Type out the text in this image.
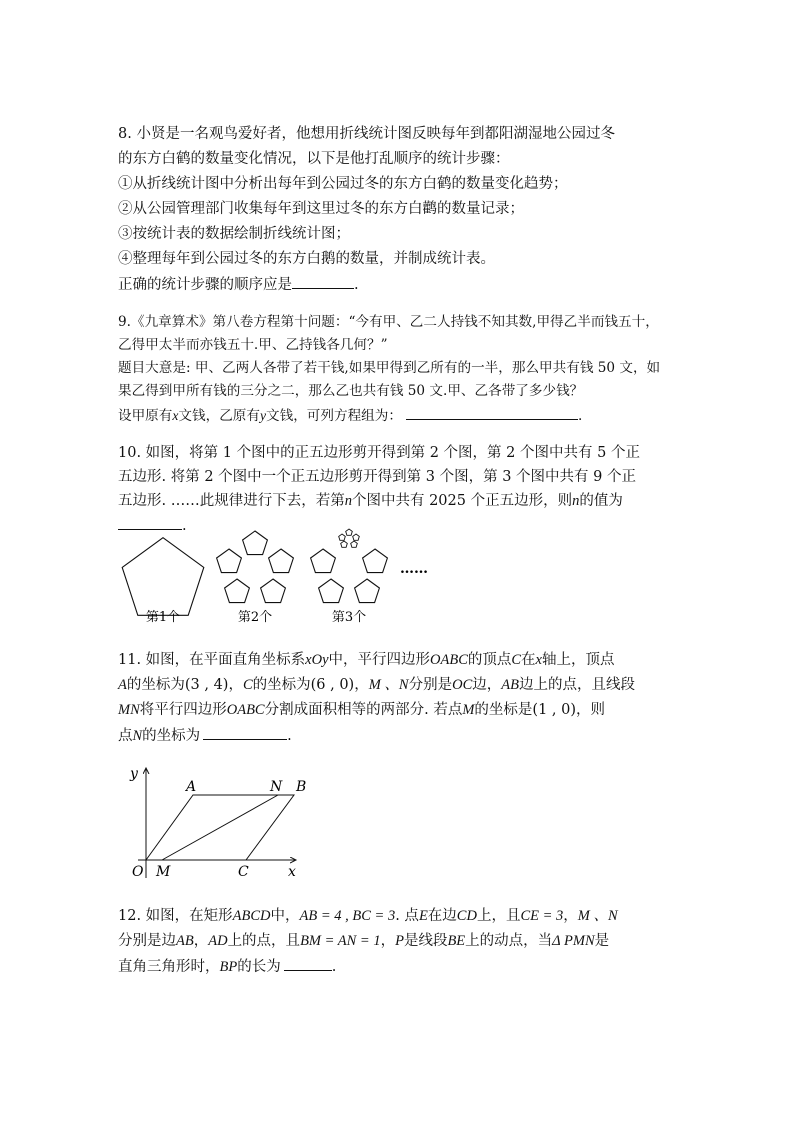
8. 小贤是一名观鸟爱好者，他想用折线统计图反映每年到都阳湖湿地公园过冬
的东方白鹤的数量变化情况，以下是他打乱顺序的统计步骤：
①从折线统计图中分析出每年到公园过冬的东方白鹤的数量变化趋势；
②从公园管理部门收集每年到这里过冬的东方白鹳的数量记录；
③按统计表的数据绘制折线统计图；
④整理每年到公园过冬的东方白鹅的数量，并制成统计表。
正确的统计步骤的顺序应是	.
9.《九章算术》第八卷方程第十问题：“今有甲、乙二人持钱不知其数,甲得乙半而钱五十，
乙得甲太半而亦钱五十.甲、乙持钱各几何？”
题目大意是: 甲、乙两人各带了若干钱,如果甲得到乙所有的一半，那么甲共有钱 50 文，如
果乙得到甲所有钱的三分之二，那么乙也共有钱 50 文.甲、乙各带了多少钱？
设甲原有x文钱，乙原有y文钱，可列方程组为：	.
10. 如图，将第 1 个图中的正五边形剪开得到第 2 个图，第 2 个图中共有 5 个正
五边形. 将第 2 个图中一个正五边形剪开得到第 3 个图，第 3 个图中共有 9 个正
五边形. ……此规律进行下去，若第n个图中共有 2025 个正五边形，则n的值为
.
……
第1个	第2个	第3个
11. 如图，在平面直角坐标系xOy中，平行四边形OABC的顶点C在x轴上，顶点
A的坐标为(3 , 4)，C的坐标为(6 , 0)，M 、N分别是OC边，AB边上的点，且线段
MN将平行四边形OABC分割成面积相等的两部分. 若点M的坐标是(1 , 0)，则
点N的坐标为	.
y
x
O
A	B
C
M
N
12. 如图，在矩形ABCD中，AB = 4 , BC = 3. 点E在边CD上，且CE = 3，M 、N
分别是边AB，AD上的点，且BM = AN = 1，P是线段BE上的动点，当Δ PMN是
直角三角形时，BP的长为	.
